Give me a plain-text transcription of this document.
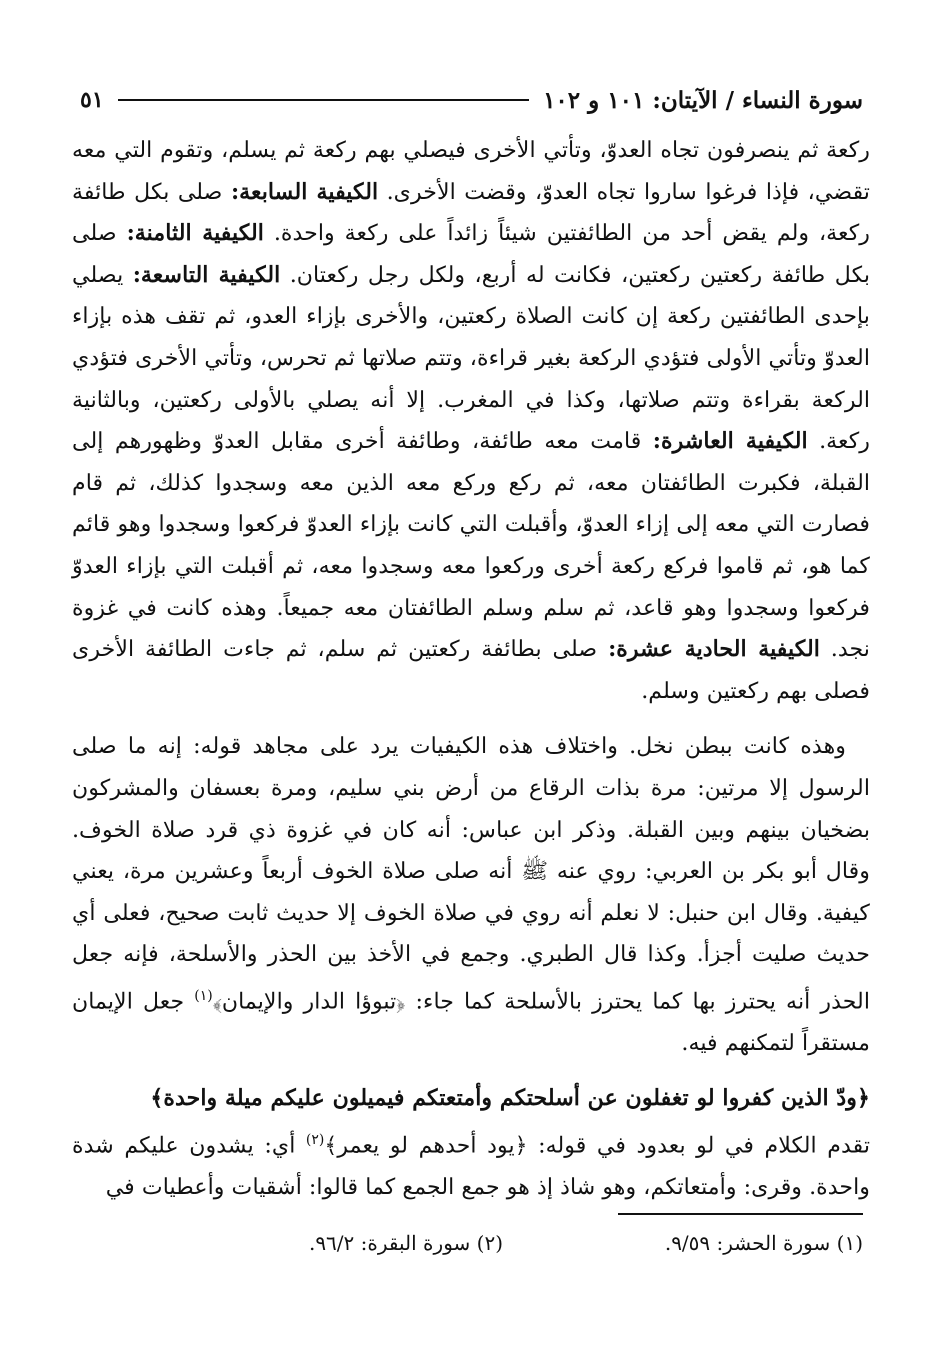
سورة النساء / الآيتان: ١٠١ و ١٠٢
٥١

ركعة ثم ينصرفون تجاه العدوّ، وتأتي الأخرى فيصلي بهم ركعة ثم يسلم، وتقوم التي معه تقضي، فإذا فرغوا ساروا تجاه العدوّ، وقضت الأخرى. الكيفية السابعة: صلى بكل طائفة ركعة، ولم يقض أحد من الطائفتين شيئاً زائداً على ركعة واحدة. الكيفية الثامنة: صلى بكل طائفة ركعتين ركعتين، فكانت له أربع، ولكل رجل ركعتان. الكيفية التاسعة: يصلي بإحدى الطائفتين ركعة إن كانت الصلاة ركعتين، والأخرى بإزاء العدو، ثم تقف هذه بإزاء العدوّ وتأتي الأولى فتؤدي الركعة بغير قراءة، وتتم صلاتها ثم تحرس، وتأتي الأخرى فتؤدي الركعة بقراءة وتتم صلاتها، وكذا في المغرب. إلا أنه يصلي بالأولى ركعتين، وبالثانية ركعة. الكيفية العاشرة: قامت معه طائفة، وطائفة أخرى مقابل العدوّ وظهورهم إلى القبلة، فكبرت الطائفتان معه، ثم ركع وركع معه الذين معه وسجدوا كذلك، ثم قام فصارت التي معه إلى إزاء العدوّ، وأقبلت التي كانت بإزاء العدوّ فركعوا وسجدوا وهو قائم كما هو، ثم قاموا فركع ركعة أخرى وركعوا معه وسجدوا معه، ثم أقبلت التي بإزاء العدوّ فركعوا وسجدوا وهو قاعد، ثم سلم وسلم الطائفتان معه جميعاً. وهذه كانت في غزوة نجد. الكيفية الحادية عشرة: صلى بطائفة ركعتين ثم سلم، ثم جاءت الطائفة الأخرى فصلى بهم ركعتين وسلم.

وهذه كانت ببطن نخل. واختلاف هذه الكيفيات يرد على مجاهد قوله: إنه ما صلى الرسول إلا مرتين: مرة بذات الرقاع من أرض بني سليم، ومرة بعسفان والمشركون بضخيان بينهم وبين القبلة. وذكر ابن عباس: أنه كان في غزوة ذي قرد صلاة الخوف. وقال أبو بكر بن العربي: روي عنه ﷺ أنه صلى صلاة الخوف أربعاً وعشرين مرة، يعني كيفية. وقال ابن حنبل: لا نعلم أنه روي في صلاة الخوف إلا حديث ثابت صحيح، فعلى أي حديث صليت أجزأ. وكذا قال الطبري. وجمع في الأخذ بين الحذر والأسلحة، فإنه جعل الحذر أنه يحترز بها كما يحترز بالأسلحة كما جاء: ﴿تبوؤا الدار والإيمان﴾$^{(١)}$ جعل الإيمان مستقراً لتمكنهم فيه.

﴿ودّ الذين كفروا لو تغفلون عن أسلحتكم وأمتعتكم فيميلون عليكم ميلة واحدة﴾

تقدم الكلام في لو بعدود في قوله: ﴿يود أحدهم لو يعمر﴾$^{(٢)}$ أي: يشدون عليكم شدة واحدة. وقرى: وأمتعاتكم، وهو شاذ إذ هو جمع الجمع كما قالوا: أشقيات وأعطيات في

(١) سورة الحشر: ٩/٥٩.
(٢) سورة البقرة: ٩٦/٢.
